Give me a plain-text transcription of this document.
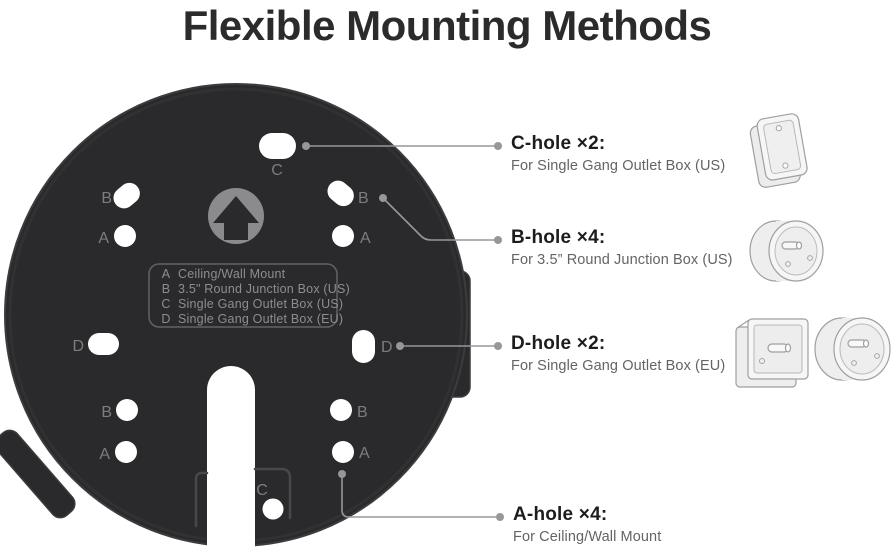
Flexible Mounting Methods
C
B
A
B
A
D	D
B
A
B
A
C
A Ceiling/Wall Mount
B 3.5" Round Junction Box (US)
C Single Gang Outlet Box (US)
D Single Gang Outlet Box (EU)
C-hole ×2:
For Single Gang Outlet Box (US)
B-hole ×4:
For 3.5” Round Junction Box (US)
D-hole ×2:
For Single Gang Outlet Box (EU)
A-hole ×4:
For Ceiling/Wall Mount
